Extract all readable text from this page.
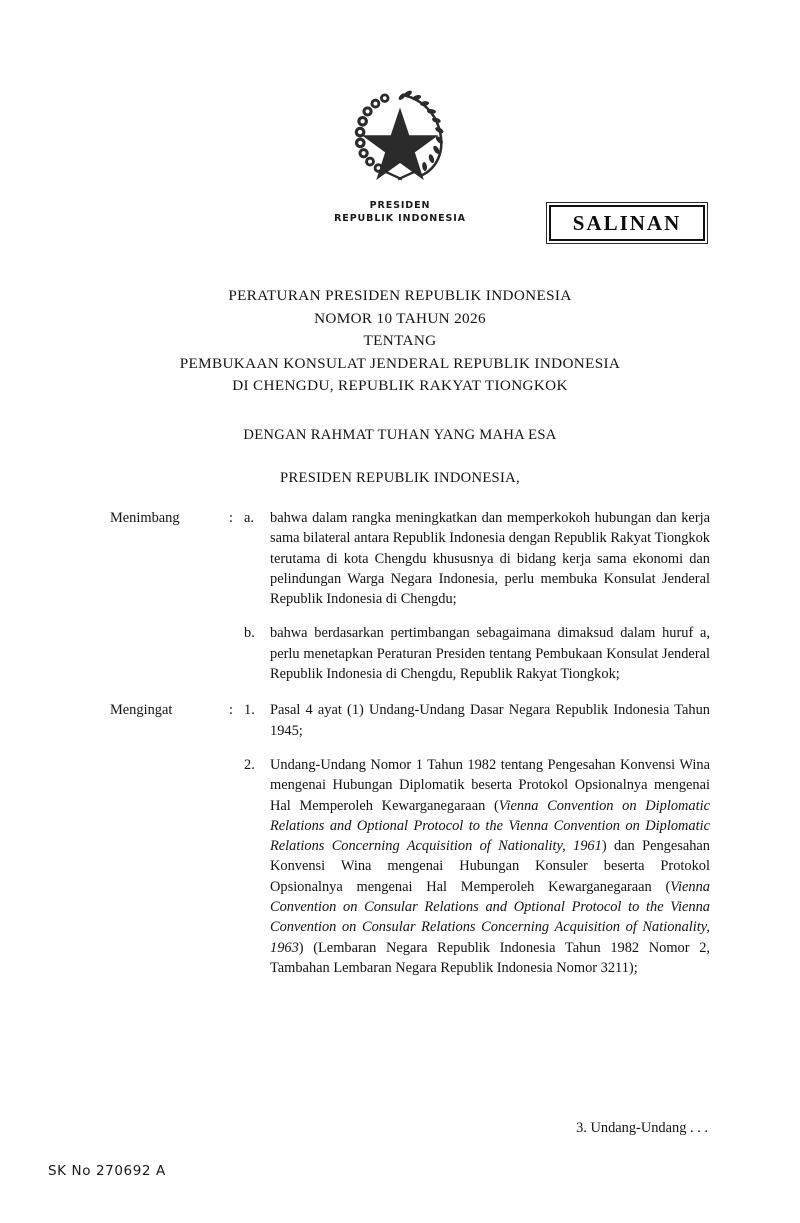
PRESIDEN
REPUBLIK INDONESIA	SALINAN
PERATURAN PRESIDEN REPUBLIK INDONESIA
NOMOR 10 TAHUN 2026
TENTANG
PEMBUKAAN KONSULAT JENDERAL REPUBLIK INDONESIA
DI CHENGDU, REPUBLIK RAKYAT TIONGKOK
DENGAN RAHMAT TUHAN YANG MAHA ESA
PRESIDEN REPUBLIK INDONESIA,
Menimbang	: a.	bahwa dalam rangka meningkatkan dan memperkokoh hubungan dan kerja sama bilateral antara Republik Indonesia dengan Republik Rakyat Tiongkok terutama di kota Chengdu khususnya di bidang kerja sama ekonomi dan pelindungan Warga Negara Indonesia, perlu membuka Konsulat Jenderal Republik Indonesia di Chengdu;
b.	bahwa berdasarkan pertimbangan sebagaimana dimaksud dalam huruf a, perlu menetapkan Peraturan Presiden tentang Pembukaan Konsulat Jenderal Republik Indonesia di Chengdu, Republik Rakyat Tiongkok;
Mengingat	: 1.	Pasal 4 ayat (1) Undang-Undang Dasar Negara Republik Indonesia Tahun 1945;
2.	Undang-Undang Nomor 1 Tahun 1982 tentang Pengesahan Konvensi Wina mengenai Hubungan Diplomatik beserta Protokol Opsionalnya mengenai Hal Memperoleh Kewarganegaraan (Vienna Convention on Diplomatic Relations and Optional Protocol to the Vienna Convention on Diplomatic Relations Concerning Acquisition of Nationality, 1961) dan Pengesahan Konvensi Wina mengenai Hubungan Konsuler beserta Protokol Opsionalnya mengenai Hal Memperoleh Kewarganegaraan (Vienna Convention on Consular Relations and Optional Protocol to the Vienna Convention on Consular Relations Concerning Acquisition of Nationality, 1963) (Lembaran Negara Republik Indonesia Tahun 1982 Nomor 2, Tambahan Lembaran Negara Republik Indonesia Nomor 3211);
3. Undang-Undang . . .
SK No 270692 A
